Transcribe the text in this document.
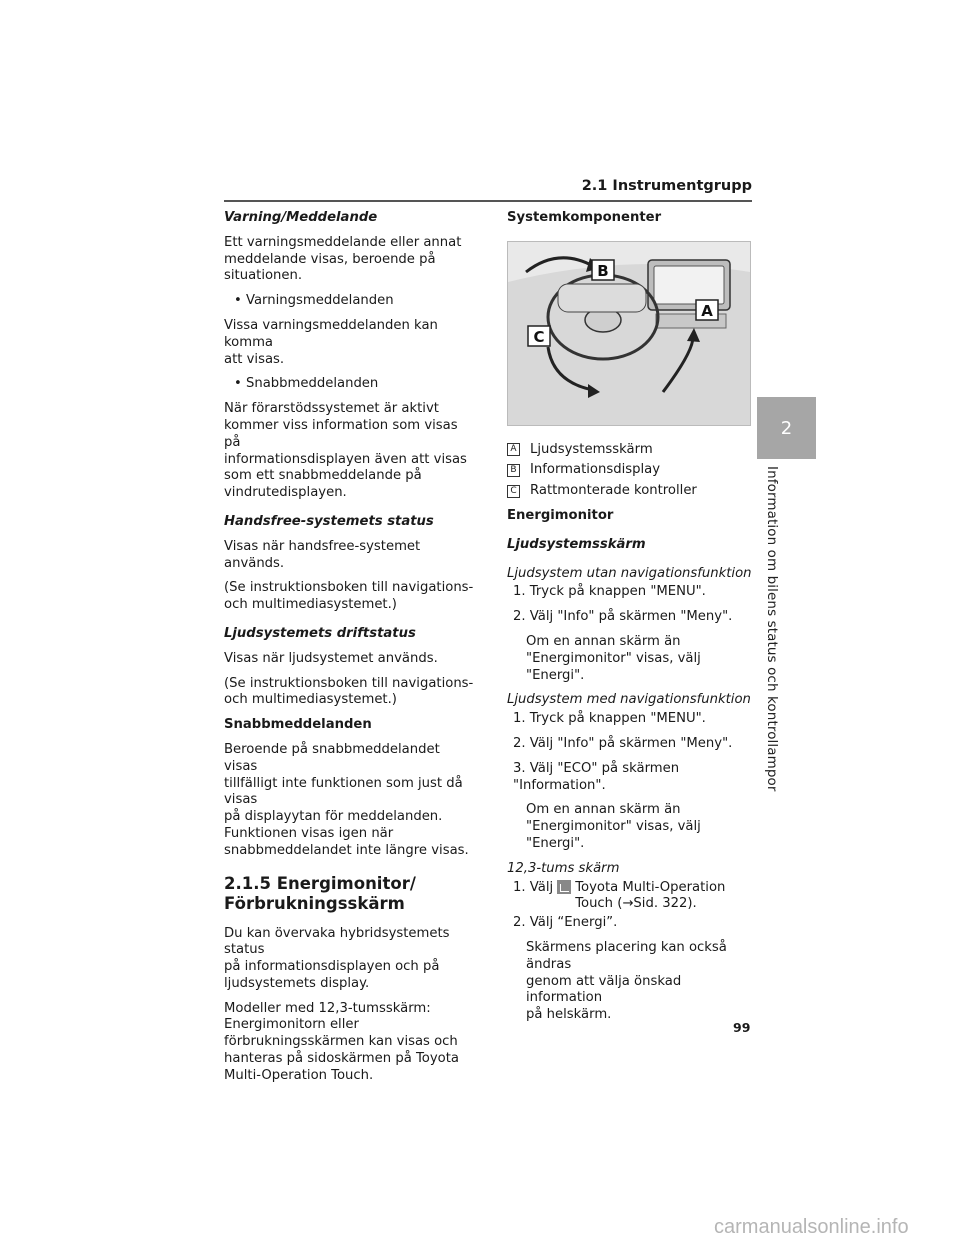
2.1 Instrumentgrupp
2
Information om bilens status och kontrollampor

Varning/Meddelande

Ett varningsmeddelande eller annat
meddelande visas, beroende på
situationen.

• Varningsmeddelanden

Vissa varningsmeddelanden kan komma
att visas.

• Snabbmeddelanden

När förarstödssystemet är aktivt
kommer viss information som visas på
informationsdisplayen även att visas
som ett snabbmeddelande på
vindrutedisplayen.

Handsfree-systemets status

Visas när handsfree-systemet används.

(Se instruktionsboken till navigations-
och multimediasystemet.)

Ljudsystemets driftstatus

Visas när ljudsystemet används.

(Se instruktionsboken till navigations-
och multimediasystemet.)

Snabbmeddelanden

Beroende på snabbmeddelandet visas
tillfälligt inte funktionen som just då visas
på displayytan för meddelanden.
Funktionen visas igen när
snabbmeddelandet inte längre visas.

2.1.5 Energimonitor/
Förbrukningsskärm

Du kan övervaka hybridsystemets status
på informationsdisplayen och på
ljudsystemets display.

Modeller med 12,3-tumsskärm:
Energimonitorn eller
förbrukningsskärmen kan visas och
hanteras på sidoskärmen på Toyota
Multi-Operation Touch.

Systemkomponenter

B
A
C
A Ljudsystemsskärm
B Informationsdisplay
C Rattmonterade kontroller

Energimonitor

Ljudsystemsskärm

Ljudsystem utan navigationsfunktion

1. Tryck på knappen "MENU".

2. Välj "Info" på skärmen "Meny".

Om en annan skärm än
"Energimonitor" visas, välj "Energi".

Ljudsystem med navigationsfunktion

1. Tryck på knappen "MENU".

2. Välj "Info" på skärmen "Meny".

3. Välj "ECO" på skärmen "Information".

Om en annan skärm än
"Energimonitor" visas, välj "Energi".

12,3-tums skärm

1. Välj Toyota Multi-Operation
Touch (→Sid. 322).

2. Välj “Energi”.

Skärmens placering kan också ändras
genom att välja önskad information
på helskärm.

99
carmanualsonline.info
